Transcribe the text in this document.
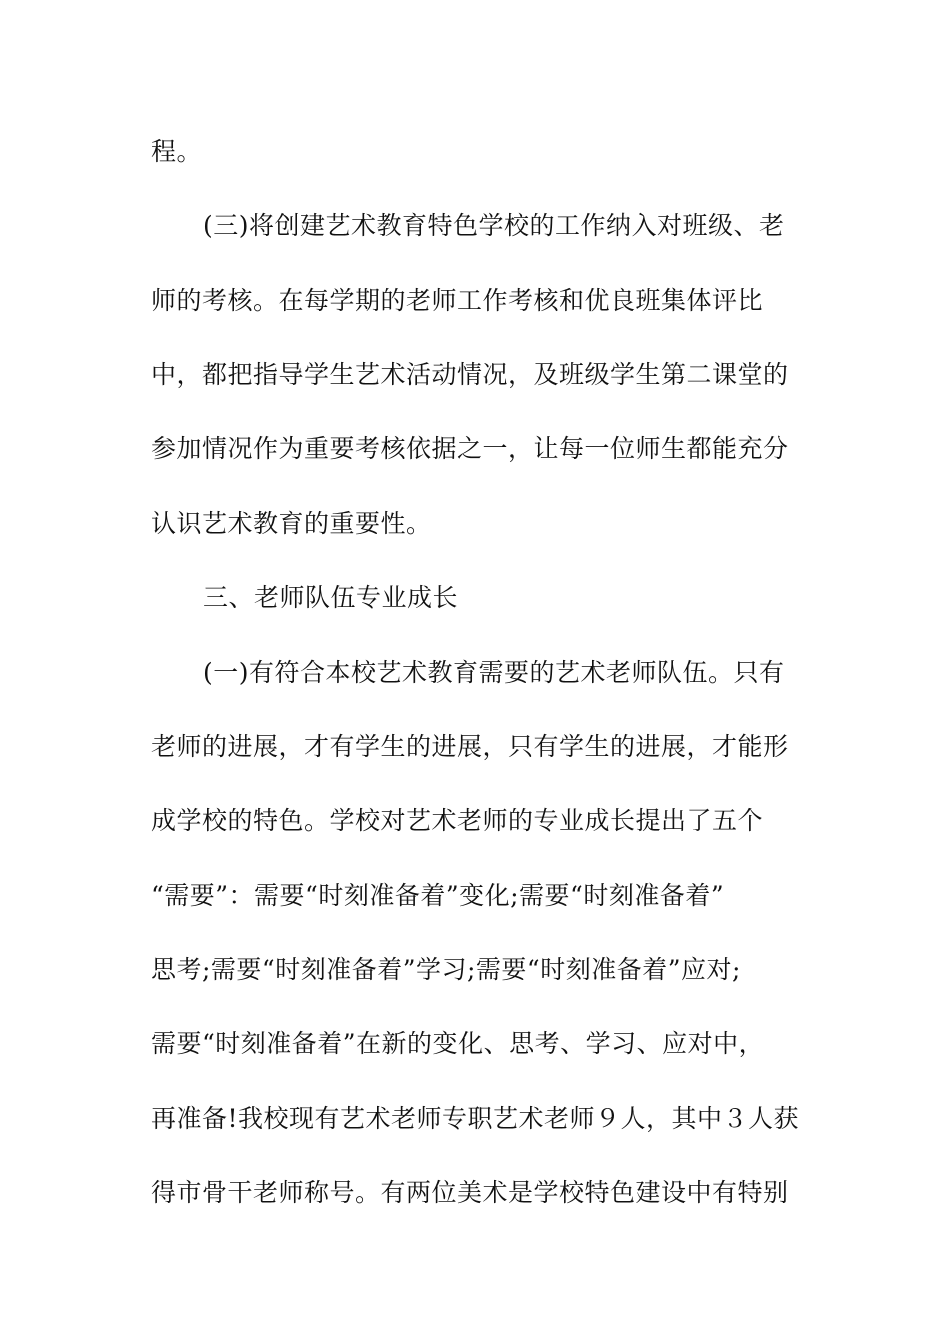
程。
(三)将创建艺术教育特色学校的工作纳入对班级、老
师的考核。在每学期的老师工作考核和优良班集体评比
中，都把指导学生艺术活动情况，及班级学生第二课堂的
参加情况作为重要考核依据之一，让每一位师生都能充分
认识艺术教育的重要性。
三、老师队伍专业成长
(一)有符合本校艺术教育需要的艺术老师队伍。只有
老师的进展，才有学生的进展，只有学生的进展，才能形
成学校的特色。学校对艺术老师的专业成长提出了五个
“需要”：需要“时刻准备着”变化;需要“时刻准备着”
思考;需要“时刻准备着”学习;需要“时刻准备着”应对;
需要“时刻准备着”在新的变化、思考、学习、应对中，
再准备!我校现有艺术老师专职艺术老师９人，其中３人获
得市骨干老师称号。有两位美术是学校特色建设中有特别
